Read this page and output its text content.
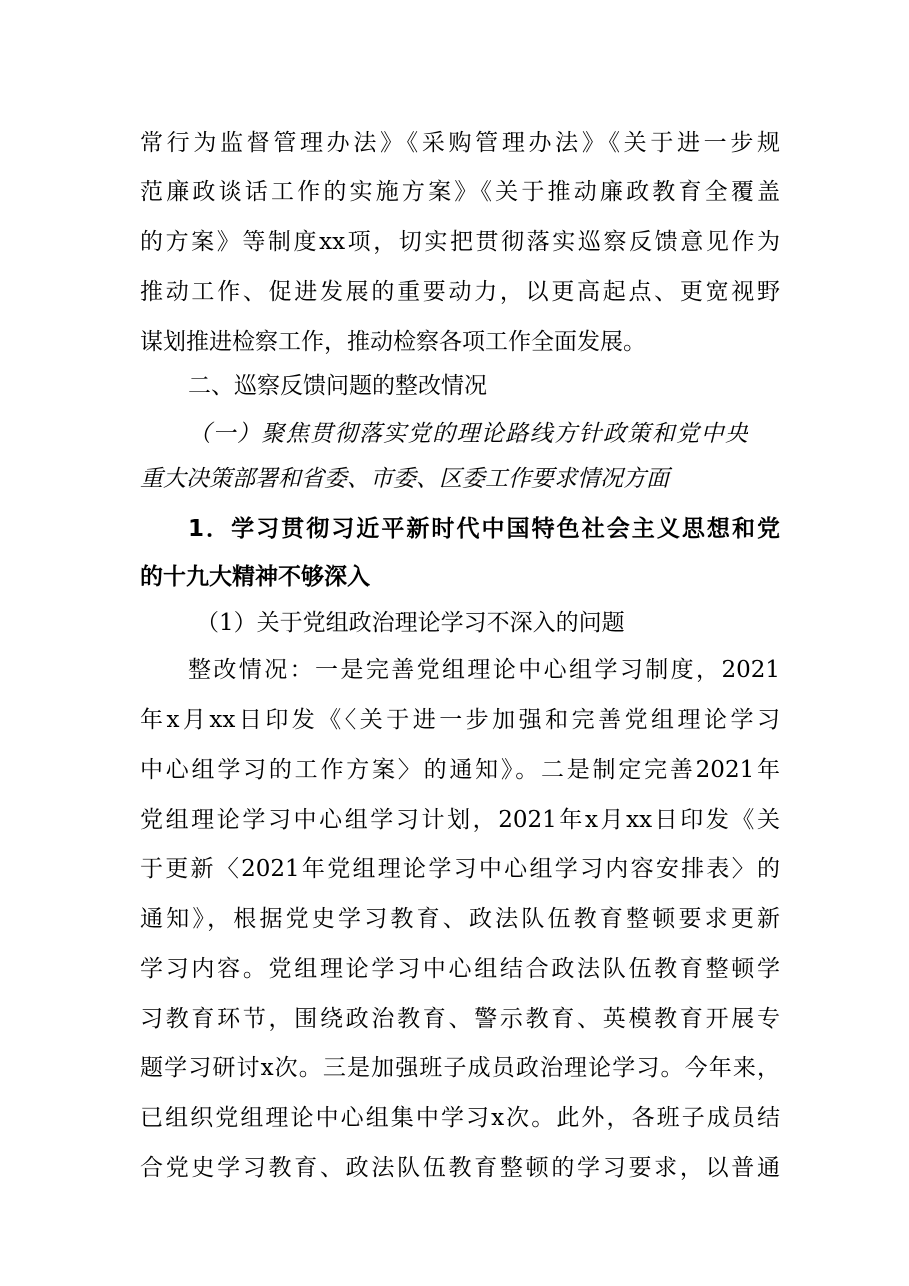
常行为监督管理办法》《采购管理办法》《关于进一步规
范廉政谈话工作的实施方案》《关于推动廉政教育全覆盖
的方案》等制度xx项，切实把贯彻落实巡察反馈意见作为
推动工作、促进发展的重要动力，以更高起点、更宽视野
谋划推进检察工作，推动检察各项工作全面发展。
二、巡察反馈问题的整改情况
（一）聚焦贯彻落实党的理论路线方针政策和党中央
重大决策部署和省委、市委、区委工作要求情况方面
1．学习贯彻习近平新时代中国特色社会主义思想和党
的十九大精神不够深入
（1）关于党组政治理论学习不深入的问题
整改情况：一是完善党组理论中心组学习制度，2021
年x月xx日印发《〈关于进一步加强和完善党组理论学习
中心组学习的工作方案〉的通知》。二是制定完善2021年
党组理论学习中心组学习计划，2021年x月xx日印发《关
于更新〈2021年党组理论学习中心组学习内容安排表〉的
通知》，根据党史学习教育、政法队伍教育整顿要求更新
学习内容。党组理论学习中心组结合政法队伍教育整顿学
习教育环节，围绕政治教育、警示教育、英模教育开展专
题学习研讨x次。三是加强班子成员政治理论学习。今年来，
已组织党组理论中心组集中学习x次。此外，各班子成员结
合党史学习教育、政法队伍教育整顿的学习要求，以普通
